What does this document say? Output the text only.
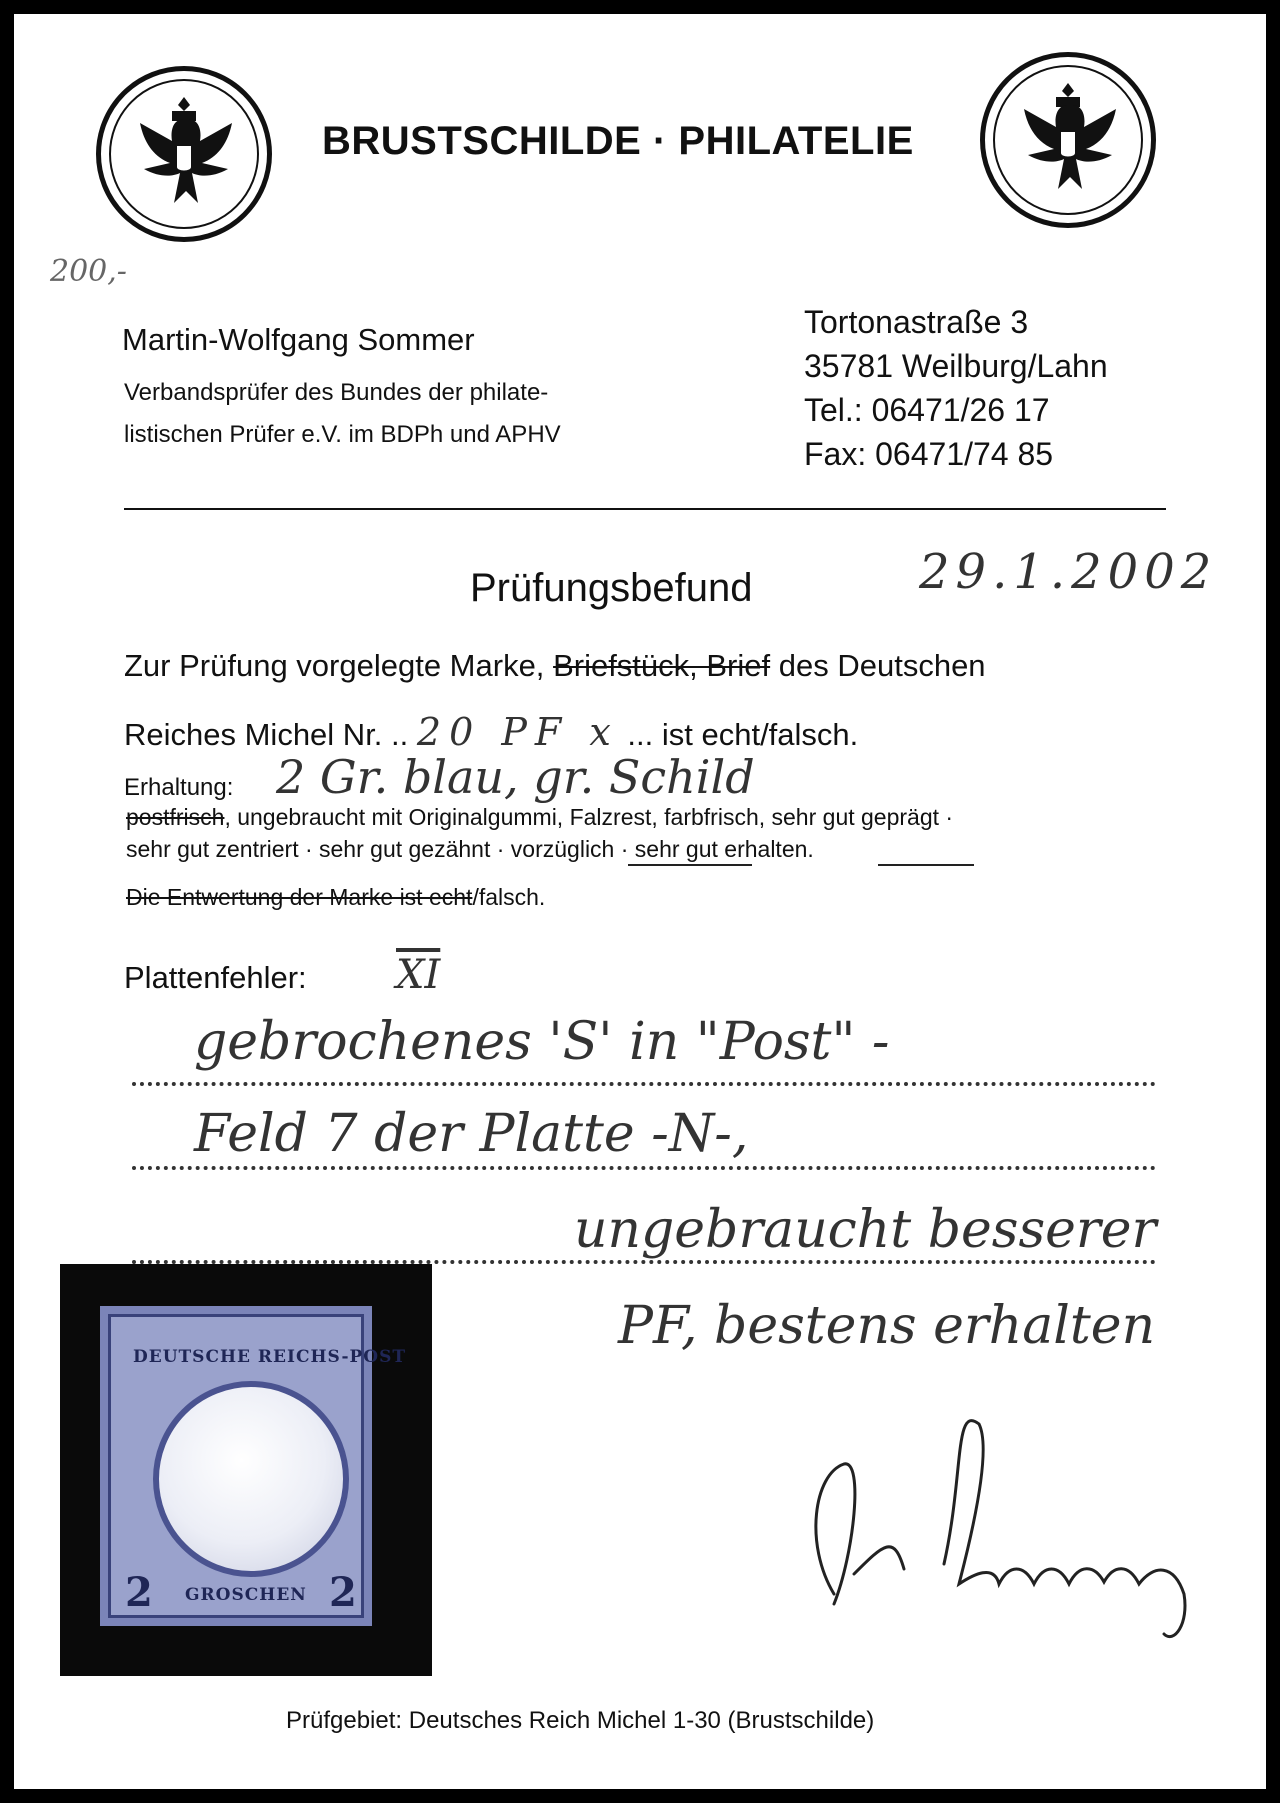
BRUSTSCHILDE · PHILATELIE
200,-
Martin-Wolfgang Sommer
Verbandsprüfer des Bundes der philate-
listischen Prüfer e.V. im BDPh und APHV
Tortonastraße 3
35781 Weilburg/Lahn
Tel.: 06471/26 17
Fax: 06471/74 85
Prüfungsbefund	29.1.2002
Zur Prüfung vorgelegte Marke, Briefstück, Brief des Deutschen
Reiches Michel Nr. .. 20 PF x ... ist echt/falsch.
Erhaltung: 2 Gr. blau, gr. Schild
postfrisch, ungebraucht mit Originalgummi, Falzrest, farbfrisch, sehr gut geprägt ·
sehr gut zentriert · sehr gut gezähnt · vorzüglich · sehr gut erhalten.
Die Entwertung der Marke ist echt/falsch.
Plattenfehler: $\overline{XI}$
gebrochenes 'S' in "Post" -
Feld 7 der Platte -N-,
ungebraucht besserer
PF, bestens erhalten
DEUTSCHE REICHS-POST
2 GROSCHEN 2
M. Sommer
Prüfgebiet: Deutsches Reich Michel 1-30 (Brustschilde)
